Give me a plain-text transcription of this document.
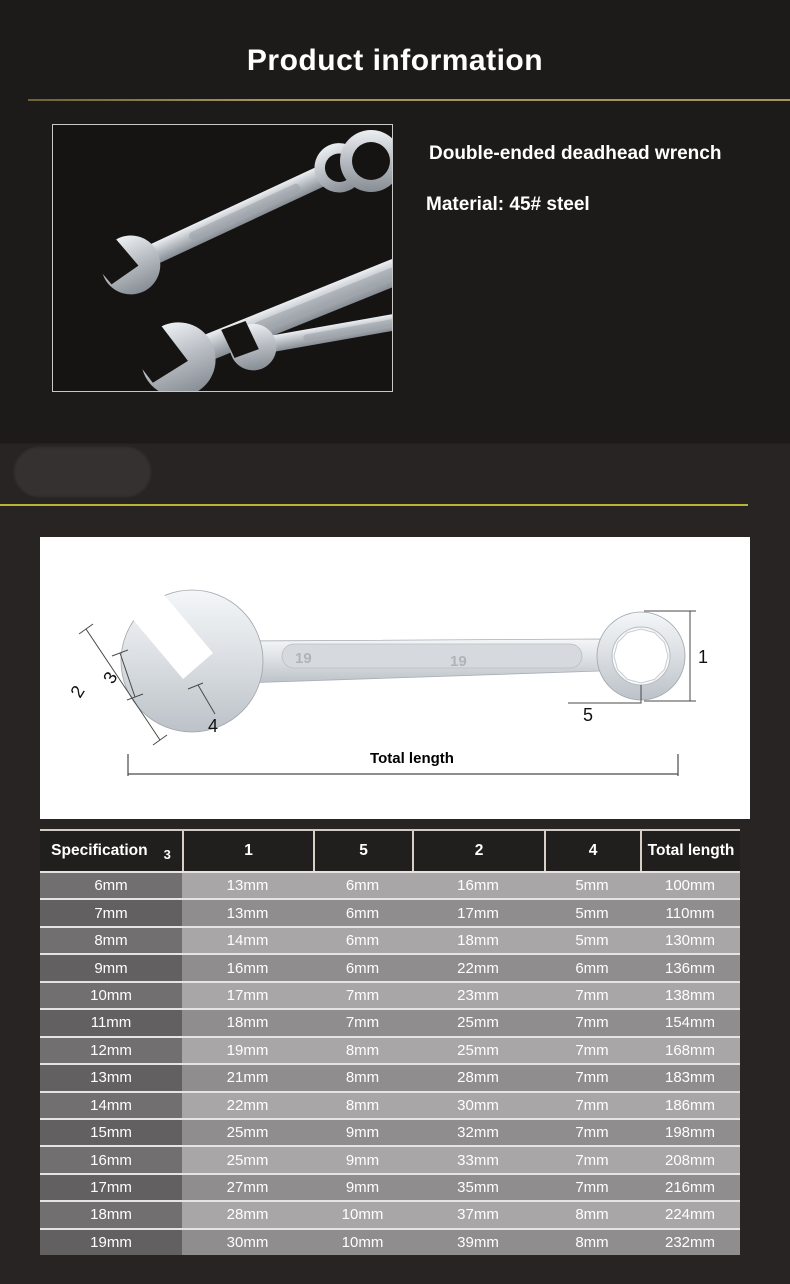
Product information
Double-ended deadhead wrench
Material: 45# steel
19	19	1
5
2
3
4
Total length
Specification 3	1	5	2	4	Total length
6mm	13mm	6mm	16mm	5mm	100mm
7mm	13mm	6mm	17mm	5mm	110mm
8mm	14mm	6mm	18mm	5mm	130mm
9mm	16mm	6mm	22mm	6mm	136mm
10mm	17mm	7mm	23mm	7mm	138mm
11mm	18mm	7mm	25mm	7mm	154mm
12mm	19mm	8mm	25mm	7mm	168mm
13mm	21mm	8mm	28mm	7mm	183mm
14mm	22mm	8mm	30mm	7mm	186mm
15mm	25mm	9mm	32mm	7mm	198mm
16mm	25mm	9mm	33mm	7mm	208mm
17mm	27mm	9mm	35mm	7mm	216mm
18mm	28mm	10mm	37mm	8mm	224mm
19mm	30mm	10mm	39mm	8mm	232mm
